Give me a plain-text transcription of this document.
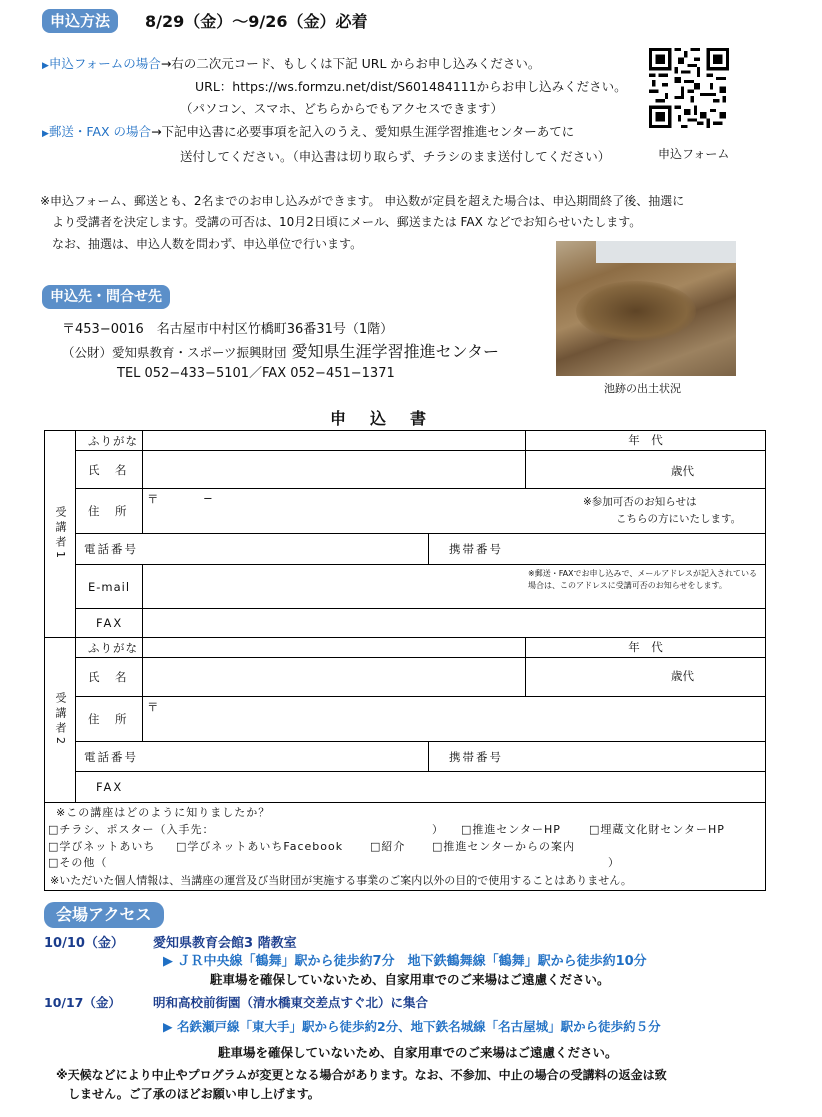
申込方法	8/29（金）～9/26（金）必着
▶申込フォームの場合→右の二次元コード、もしくは下記 URL からお申し込みください。
URL：https://ws.formzu.net/dist/S601484111からお申し込みください。
（パソコン、スマホ、どちらからでもアクセスできます）
▶郵送・FAX の場合→下記申込書に必要事項を記入のうえ、愛知県生涯学習推進センターあてに
送付してください。（申込書は切り取らず、チラシのまま送付してください）	申込フォーム
※申込フォーム、郵送とも、2名までのお申し込みができます。 申込数が定員を超えた場合は、申込期間終了後、抽選に
より受講者を決定します。受講の可否は、10月2日頃にメール、郵送または FAX などでお知らせいたします。
なお、抽選は、申込人数を問わず、申込単位で行います。
申込先・問合せ先
〒453−0016　名古屋市中村区竹橋町36番31号（1階）
（公財）愛知県教育・スポーツ振興財団 愛知県生涯学習推進センター
TEL 052−433−5101／FAX 052−451−1371
池跡の出土状況
申　込　書
受講者1
ふりがな	年　代
氏　名	歳代
住　所
〒	−	※参加可否のお知らせは
こちらの方にいたします。
電話番号	携帯番号
E-mail
※郵送・FAXでお申し込みで、メールアドレスが記入されている
場合は、このアドレスに受講可否のお知らせをします。
FAX
受講者2
ふりがな	年　代
氏　名	歳代
住　所
〒
電話番号	携帯番号
FAX
※この講座はどのように知りましたか？
□チラシ、ポスター（入手先：	） □推進センターHP	□埋蔵文化財センターHP
□学びネットあいち □学びネットあいちFacebook □紹介 □推進センターからの案内
□その他（	）
※いただいた個人情報は、当講座の運営及び当財団が実施する事業のご案内以外の目的で使用することはありません。
会場アクセス
10/10（金） 愛知県教育会館3 階教室
▶ ＪＲ中央線「鶴舞」駅から徒歩約7分　地下鉄鶴舞線「鶴舞」駅から徒歩約10分
駐車場を確保していないため、自家用車でのご来場はご遠慮ください。
10/17（金）	明和高校前街園（清水橋東交差点すぐ北）に集合
▶ 名鉄瀬戸線「東大手」駅から徒歩約2分、地下鉄名城線「名古屋城」駅から徒歩約５分
駐車場を確保していないため、自家用車でのご来場はご遠慮ください。
※天候などにより中止やプログラムが変更となる場合があります。なお、不参加、中止の場合の受講料の返金は致
しません。ご了承のほどお願い申し上げます。
